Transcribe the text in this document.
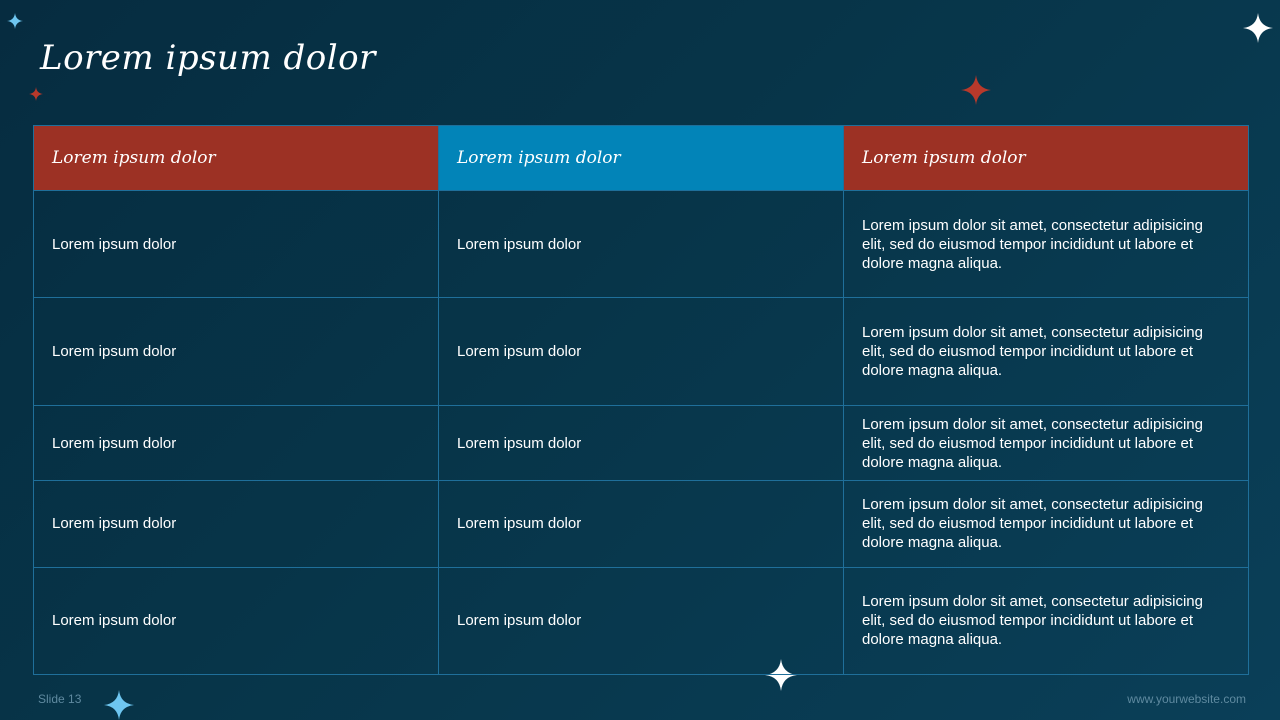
Lorem ipsum dolor
Lorem ipsum dolor	Lorem ipsum dolor	Lorem ipsum dolor
Lorem ipsum dolor	Lorem ipsum dolor	Lorem ipsum dolor sit amet, consectetur adipisicing elit, sed do eiusmod tempor incididunt ut labore et dolore magna aliqua.
Lorem ipsum dolor	Lorem ipsum dolor	Lorem ipsum dolor sit amet, consectetur adipisicing elit, sed do eiusmod tempor incididunt ut labore et dolore magna aliqua.
Lorem ipsum dolor	Lorem ipsum dolor	Lorem ipsum dolor sit amet, consectetur adipisicing elit, sed do eiusmod tempor incididunt ut labore et dolore magna aliqua.
Lorem ipsum dolor	Lorem ipsum dolor	Lorem ipsum dolor sit amet, consectetur adipisicing elit, sed do eiusmod tempor incididunt ut labore et dolore magna aliqua.
Lorem ipsum dolor	Lorem ipsum dolor	Lorem ipsum dolor sit amet, consectetur adipisicing elit, sed do eiusmod tempor incididunt ut labore et dolore magna aliqua.
Slide 13	www.yourwebsite.com
